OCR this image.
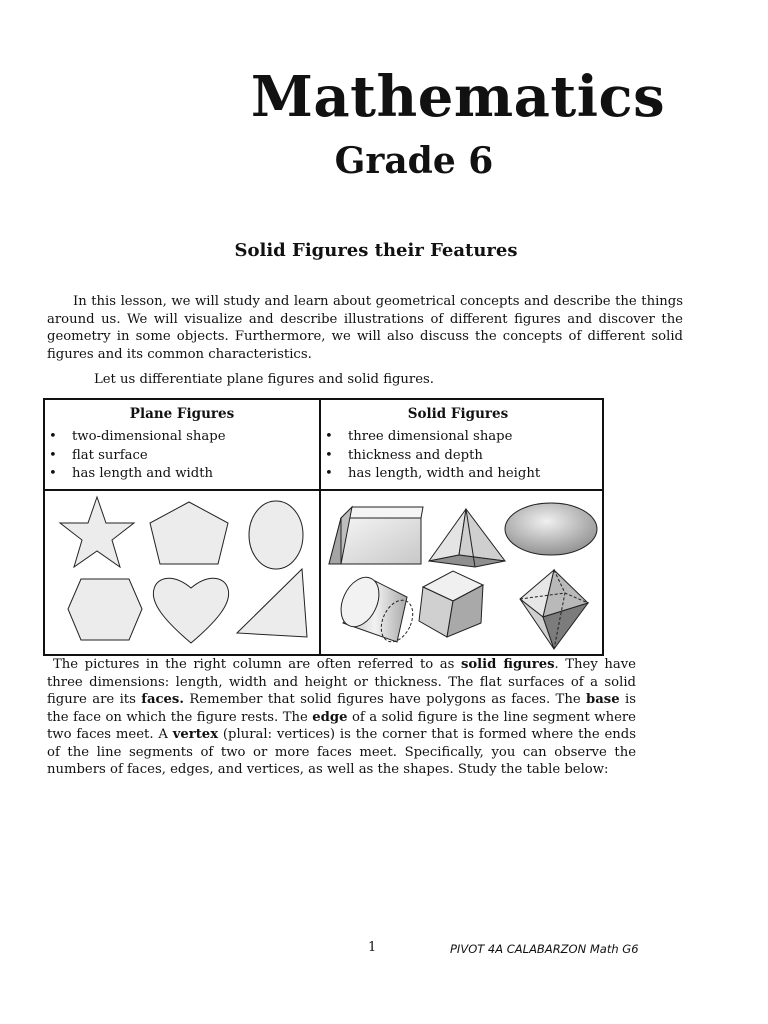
Mathematics
Grade 6
Solid Figures their Features

In this lesson, we will study and learn about geometrical concepts and describe the things around us. We will visualize and describe illustrations of different figures and discover the geometry in some objects. Furthermore, we will also discuss the concepts of different solid figures and its common characteristics.

Let us differentiate plane figures and solid figures.
Plane Figures
• two-dimensional shape
• flat surface
• has length and width
Solid Figures
• three dimensional shape
• thickness and depth
• has length, width and height

The pictures in the right column are often referred to as solid figures. They have three dimensions: length, width and height or thickness. The flat surfaces of a solid figure are its faces. Remember that solid figures have polygons as faces. The base is the face on which the figure rests. The edge of a solid figure is the line segment where two faces meet. A vertex (plural: vertices) is the corner that is formed where the ends of the line segments of two or more faces meet. Specifically, you can observe the numbers of faces, edges, and vertices, as well as the shapes. Study the table below:

1	PIVOT 4A CALABARZON Math G6
